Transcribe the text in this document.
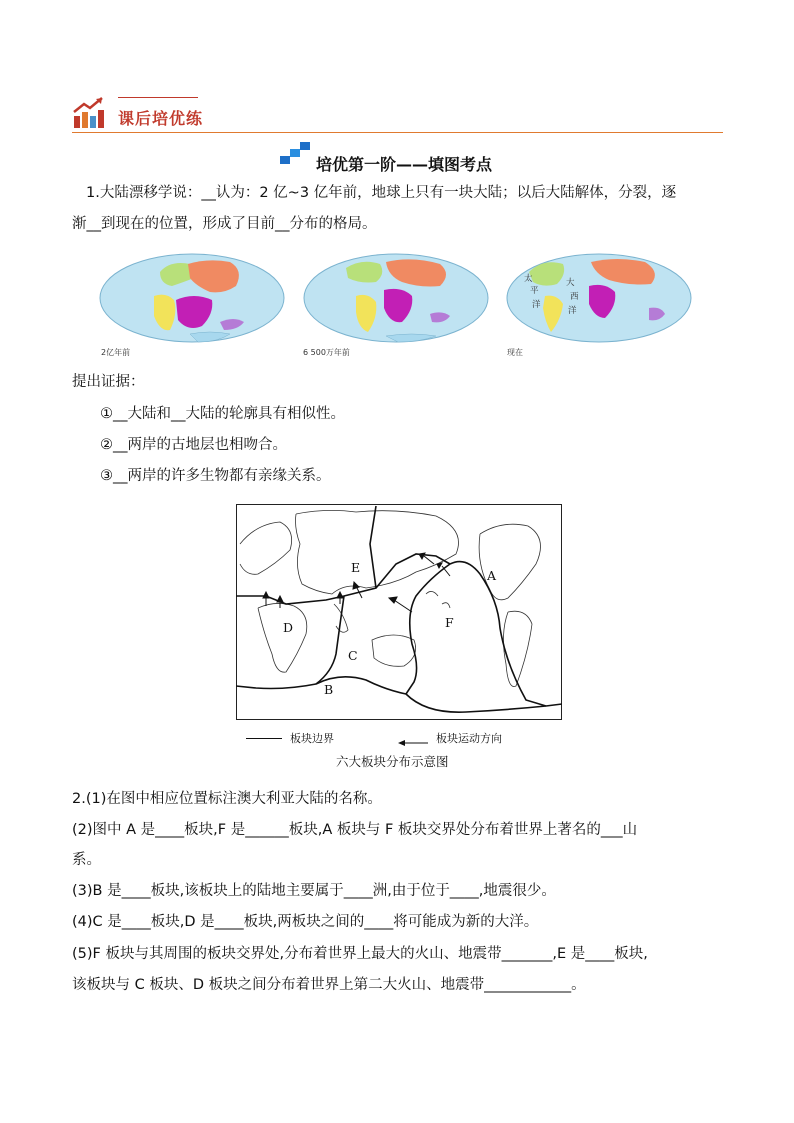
课后培优练
培优第一阶——填图考点
1.大陆漂移学说：__认为：2 亿~3 亿年前，地球上只有一块大陆；以后大陆解体，分裂，逐
渐__到现在的位置，形成了目前__分布的格局。
2亿年前	6 500万年前
太
平
洋
大
西
洋
现在
提出证据：
①__大陆和__大陆的轮廓具有相似性。
②__两岸的古地层也相吻合。
③__两岸的许多生物都有亲缘关系。
A
B
C
D
E
F
板块边界	板块运动方向
六大板块分布示意图
2.(1)在图中相应位置标注澳大利亚大陆的名称。
(2)图中 A 是____板块,F 是______板块,A 板块与 F 板块交界处分布着世界上著名的___山
系。
(3)B 是____板块,该板块上的陆地主要属于____洲,由于位于____,地震很少。
(4)C 是____板块,D 是____板块,两板块之间的____将可能成为新的大洋。
(5)F 板块与其周围的板块交界处,分布着世界上最大的火山、地震带_______,E 是____板块,
该板块与 C 板块、D 板块之间分布着世界上第二大火山、地震带____________。
